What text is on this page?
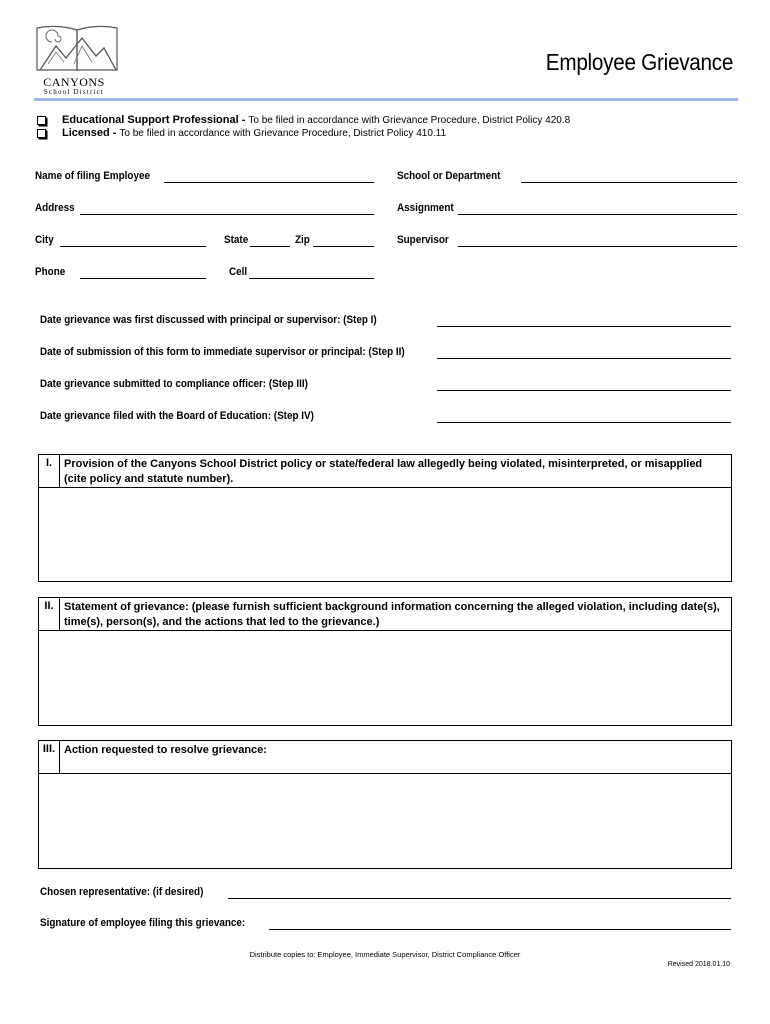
CANYONS
School District
Employee Grievance
Educational Support Professional - To be filed in accordance with Grievance Procedure, District Policy 420.8
Licensed - To be filed in accordance with Grievance Procedure, District Policy 410.11
Name of filing Employee	School or Department
Address	Assignment
City	State	Zip	Supervisor
Phone	Cell
Date grievance was first discussed with principal or supervisor: (Step I)
Date of submission of this form to immediate supervisor or principal: (Step II)
Date grievance submitted to compliance officer: (Step III)
Date grievance filed with the Board of Education: (Step IV)
I.	Provision of the Canyons School District policy or state/federal law allegedly being violated, misinterpreted, or misapplied (cite policy and statute number).
II. Statement of grievance: (please furnish sufficient background information concerning the alleged violation, including date(s), time(s), person(s), and the actions that led to the grievance.)
III. Action requested to resolve grievance:
Chosen representative: (if desired)
Signature of employee filing this grievance:
Distribute copies to: Employee, Immediate Supervisor, District Compliance Officer
Revised 2018.01.10
